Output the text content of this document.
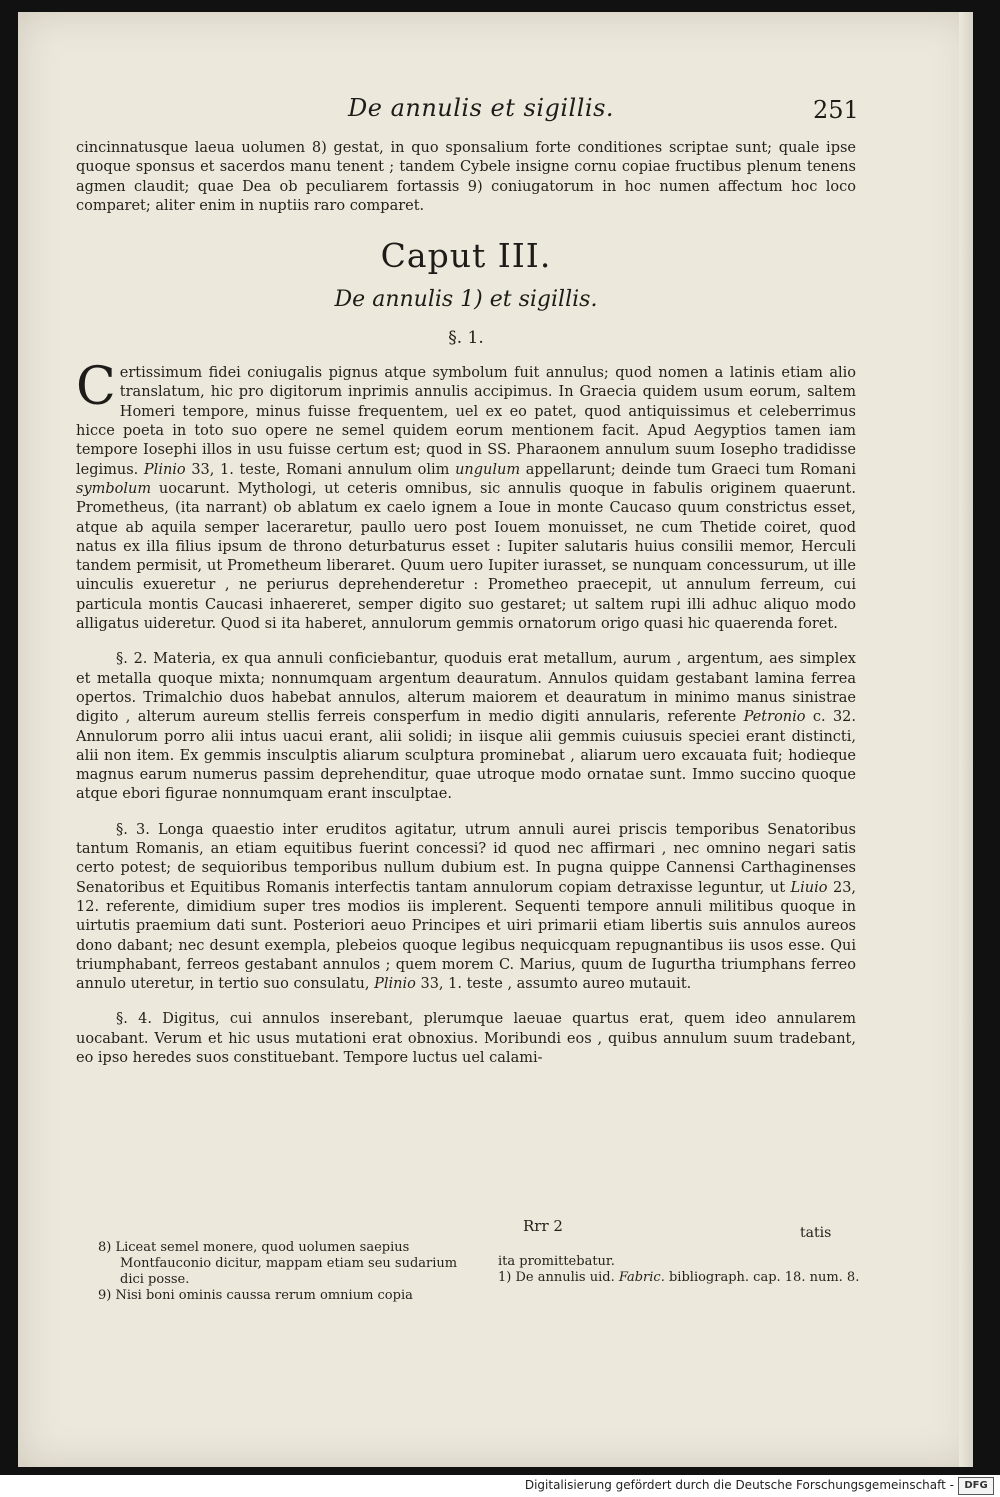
De annulis et sigillis.	251

cincinnatusque laeua uolumen 8) gestat, in quo sponsalium forte conditiones scriptae sunt; quale ipse quoque sponsus et sacerdos manu tenent ; tandem Cybele insigne cornu copiae fructibus plenum tenens agmen claudit; quae Dea ob peculiarem fortassis 9) coniugatorum in hoc numen affectum hoc loco comparet; aliter enim in nuptiis raro comparet.

Caput III.
De annulis 1) et sigillis.
§. 1.

Certissimum fidei coniugalis pignus atque symbolum fuit annulus; quod nomen a latinis etiam alio translatum, hic pro digitorum inprimis annulis accipimus. In Graecia quidem usum eorum, saltem Homeri tempore, minus fuisse frequentem, uel ex eo patet, quod antiquissimus et celeberrimus hicce poeta in toto suo opere ne semel quidem eorum mentionem facit. Apud Aegyptios tamen iam tempore Iosephi illos in usu fuisse certum est; quod in SS. Pharaonem annulum suum Iosepho tradidisse legimus. Plinio 33, 1. teste, Romani annulum olim ungulum appellarunt; deinde tum Graeci tum Romani symbolum uocarunt. Mythologi, ut ceteris omnibus, sic annulis quoque in fabulis originem quaerunt. Prometheus, (ita narrant) ob ablatum ex caelo ignem a Ioue in monte Caucaso quum constrictus esset, atque ab aquila semper laceraretur, paullo uero post Iouem monuisset, ne cum Thetide coiret, quod natus ex illa filius ipsum de throno deturbaturus esset : Iupiter salutaris huius consilii memor, Herculi tandem permisit, ut Prometheum liberaret. Quum uero Iupiter iurasset, se nunquam concessurum, ut ille uinculis exueretur , ne periurus deprehenderetur : Prometheo praecepit, ut annulum ferreum, cui particula montis Caucasi inhaereret, semper digito suo gestaret; ut saltem rupi illi adhuc aliquo modo alligatus uideretur. Quod si ita haberet, annulorum gemmis ornatorum origo quasi hic quaerenda foret.

§. 2. Materia, ex qua annuli conficiebantur, quoduis erat metallum, aurum , argentum, aes simplex et metalla quoque mixta; nonnumquam argentum deauratum. Annulos quidam gestabant lamina ferrea opertos. Trimalchio duos habebat annulos, alterum maiorem et deauratum in minimo manus sinistrae digito , alterum aureum stellis ferreis consperfum in medio digiti annularis, referente Petronio c. 32. Annulorum porro alii intus uacui erant, alii solidi; in iisque alii gemmis cuiusuis speciei erant distincti, alii non item. Ex gemmis insculptis aliarum sculptura prominebat , aliarum uero excauata fuit; hodieque magnus earum numerus passim deprehenditur, quae utroque modo ornatae sunt. Immo succino quoque atque ebori figurae nonnumquam erant insculptae.

§. 3. Longa quaestio inter eruditos agitatur, utrum annuli aurei priscis temporibus Senatoribus tantum Romanis, an etiam equitibus fuerint concessi? id quod nec affirmari , nec omnino negari satis certo potest; de sequioribus temporibus nullum dubium est. In pugna quippe Cannensi Carthaginenses Senatoribus et Equitibus Romanis interfectis tantam annulorum copiam detraxisse leguntur, ut Liuio 23, 12. referente, dimidium super tres modios iis implerent. Sequenti tempore annuli militibus quoque in uirtutis praemium dati sunt. Posteriori aeuo Principes et uiri primarii etiam libertis suis annulos aureos dono dabant; nec desunt exempla, plebeios quoque legibus nequicquam repugnantibus iis usos esse. Qui triumphabant, ferreos gestabant annulos ; quem morem C. Marius, quum de Iugurtha triumphans ferreo annulo uteretur, in tertio suo consulatu, Plinio 33, 1. teste , assumto aureo mutauit.

§. 4. Digitus, cui annulos inserebant, plerumque laeuae quartus erat, quem ideo annularem uocabant. Verum et hic usus mutationi erat obnoxius. Moribundi eos , quibus annulum suum tradebant, eo ipso heredes suos constituebant. Tempore luctus uel calami-

Rrr 2	tatis

8) Liceat semel monere, quod uolumen saepius Montfauconio dicitur, mappam etiam seu sudarium dici posse.

9) Nisi boni ominis caussa rerum omnium copia

ita promittebatur.

1) De annulis uid. Fabric. bibliograph. cap. 18. num. 8.

Digitalisierung gefördert durch die Deutsche Forschungsgemeinschaft -	DFG
